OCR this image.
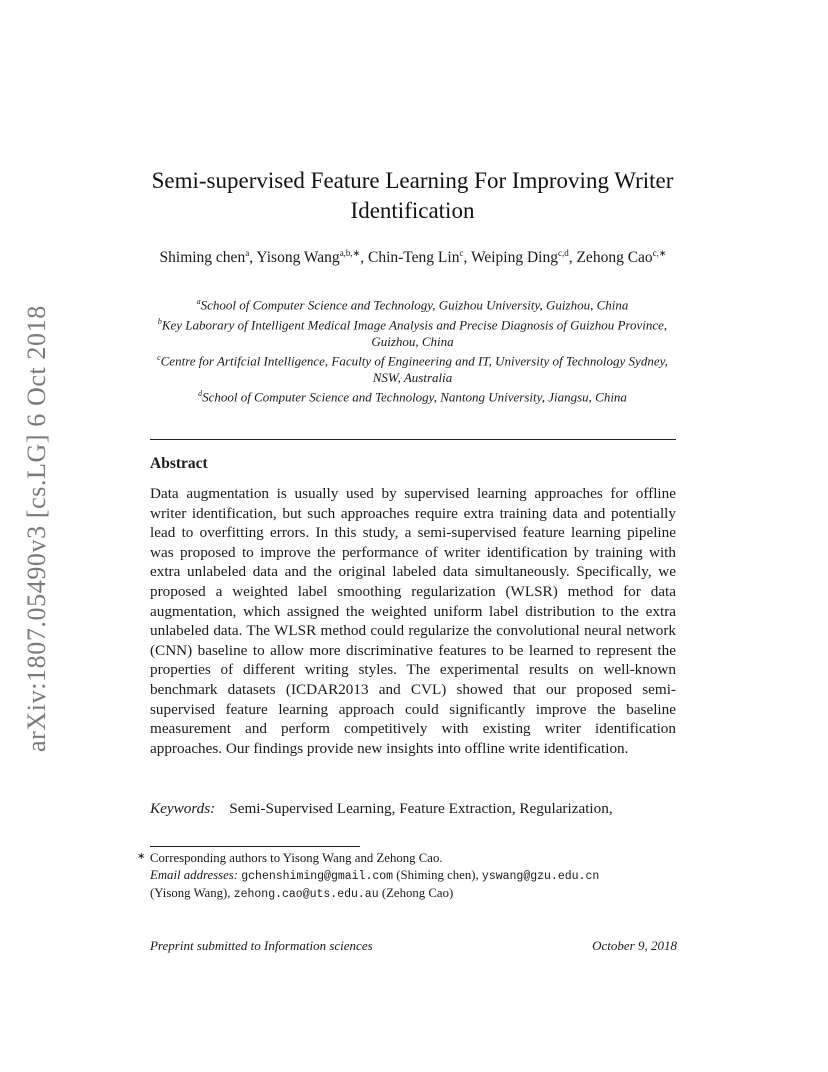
arXiv:1807.05490v3 [cs.LG] 6 Oct 2018
Semi-supervised Feature Learning For Improving Writer
Identification
Shiming chen$^a$, Yisong Wang$^{a,b,∗}$, Chin-Teng Lin$^c$, Weiping Ding$^{c,d}$, Zehong Cao$^{c,∗}$
$^a$School of Computer Science and Technology, Guizhou University, Guizhou, China
$^b$Key Laborary of Intelligent Medical Image Analysis and Precise Diagnosis of Guizhou Province, Guizhou, China
$^c$Centre for Artifcial Intelligence, Faculty of Engineering and IT, University of Technology Sydney, NSW, Australia
$^d$School of Computer Science and Technology, Nantong University, Jiangsu, China
Abstract
Data augmentation is usually used by supervised learning approaches for offline writer identification, but such approaches require extra training data and potentially lead to overfitting errors. In this study, a semi-supervised feature learning pipeline was proposed to improve the performance of writer identification by training with extra unlabeled data and the original labeled data simultaneously. Specifically, we proposed a weighted label smoothing regularization (WLSR) method for data augmentation, which assigned the weighted uniform label distribution to the extra unlabeled data. The WLSR method could regularize the convolutional neural network (CNN) baseline to allow more discriminative features to be learned to represent the properties of different writing styles. The experimental results on well-known benchmark datasets (ICDAR2013 and CVL) showed that our proposed semi-supervised feature learning approach could significantly improve the baseline measurement and perform competitively with existing writer identification approaches. Our findings provide new insights into offline write identification.
Keywords: Semi-Supervised Learning, Feature Extraction, Regularization,
∗ Corresponding authors to Yisong Wang and Zehong Cao.
Email addresses: gchenshiming@gmail.com (Shiming chen), yswang@gzu.edu.cn
(Yisong Wang), zehong.cao@uts.edu.au (Zehong Cao)
Preprint submitted to Information sciences	October 9, 2018
